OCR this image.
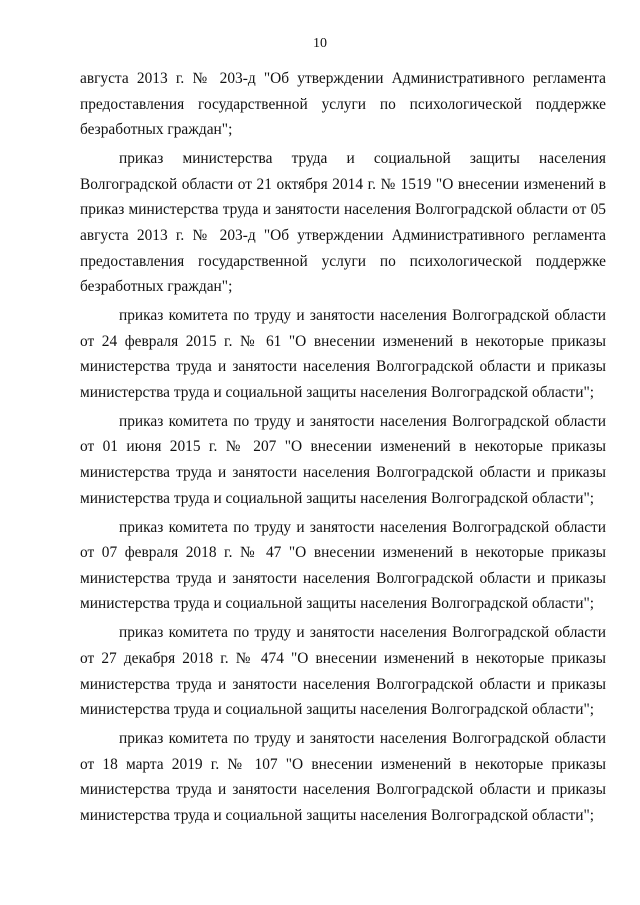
10

августа 2013 г. № 203-д "Об утверждении Административного регламента предоставления государственной услуги по психологической поддержке безработных граждан";

приказ министерства труда и социальной защиты населения Волгоградской области от 21 октября 2014 г. № 1519 "О внесении изменений в приказ министерства труда и занятости населения Волгоградской области от 05 августа 2013 г. № 203-д "Об утверждении Административного регламента предоставления государственной услуги по психологической поддержке безработных граждан";

приказ комитета по труду и занятости населения Волгоградской области от 24 февраля 2015 г. № 61 "О внесении изменений в некоторые приказы министерства труда и занятости населения Волгоградской области и приказы министерства труда и социальной защиты населения Волгоградской области";

приказ комитета по труду и занятости населения Волгоградской области от 01 июня 2015 г. № 207 "О внесении изменений в некоторые приказы министерства труда и занятости населения Волгоградской области и приказы министерства труда и социальной защиты населения Волгоградской области";

приказ комитета по труду и занятости населения Волгоградской области от 07 февраля 2018 г. № 47 "О внесении изменений в некоторые приказы министерства труда и занятости населения Волгоградской области и приказы министерства труда и социальной защиты населения Волгоградской области";

приказ комитета по труду и занятости населения Волгоградской области от 27 декабря 2018 г. № 474 "О внесении изменений в некоторые приказы министерства труда и занятости населения Волгоградской области и приказы министерства труда и социальной защиты населения Волгоградской области";

приказ комитета по труду и занятости населения Волгоградской области от 18 марта 2019 г. № 107 "О внесении изменений в некоторые приказы министерства труда и занятости населения Волгоградской области и приказы министерства труда и социальной защиты населения Волгоградской области";
